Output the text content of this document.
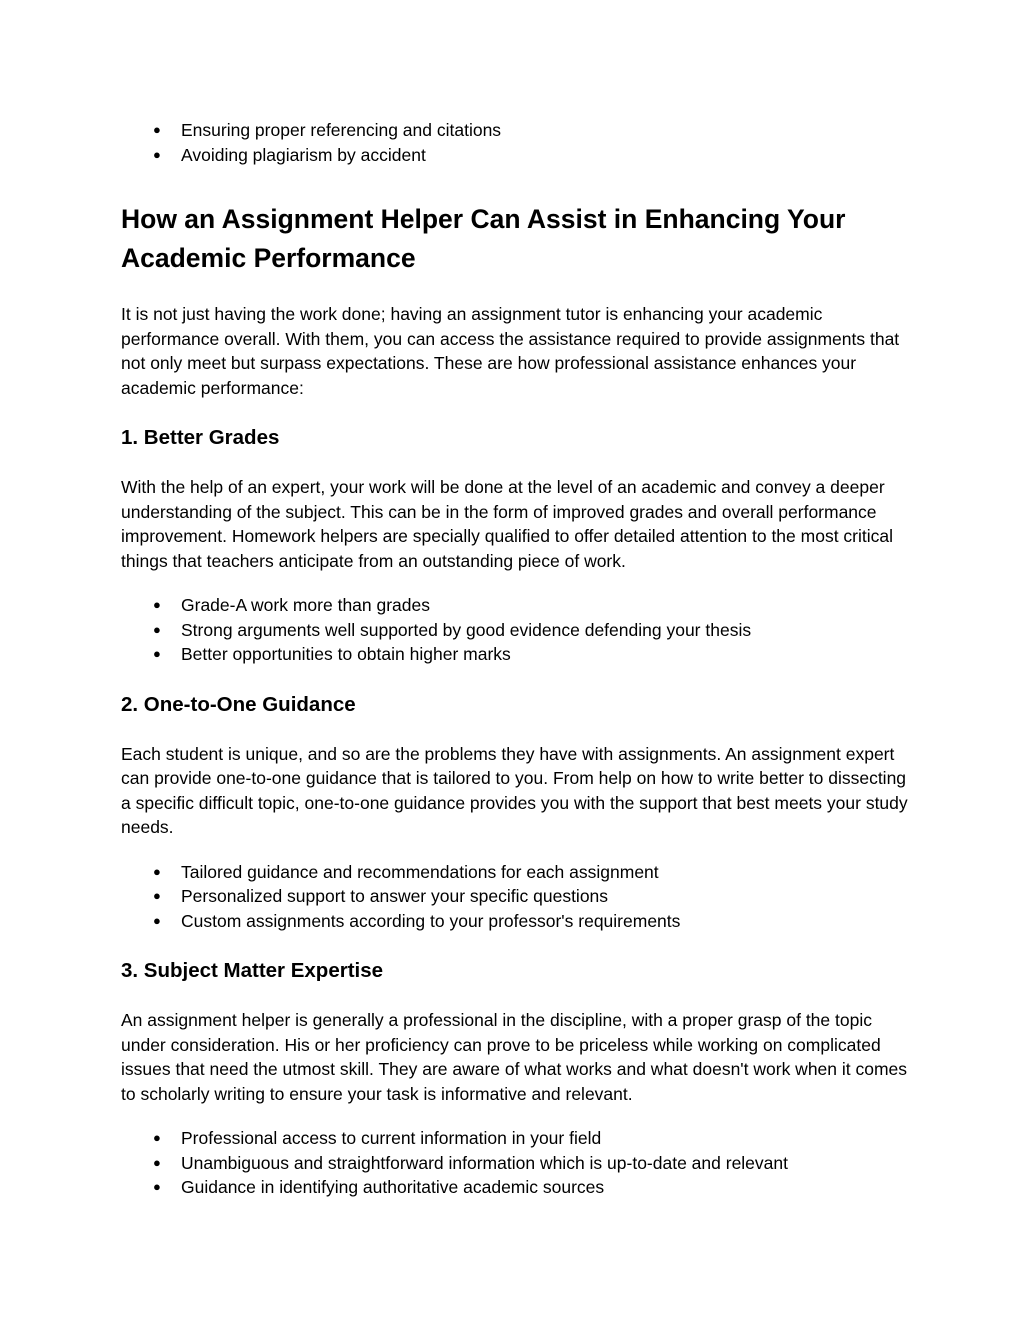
● Ensuring proper referencing and citations
● Avoiding plagiarism by accident
How an Assignment Helper Can Assist in Enhancing Your Academic Performance

It is not just having the work done; having an assignment tutor is enhancing your academic performance overall. With them, you can access the assistance required to provide assignments that not only meet but surpass expectations. These are how professional assistance enhances your academic performance:

1. Better Grades

With the help of an expert, your work will be done at the level of an academic and convey a deeper understanding of the subject. This can be in the form of improved grades and overall performance improvement. Homework helpers are specially qualified to offer detailed attention to the most critical things that teachers anticipate from an outstanding piece of work.

● Grade-A work more than grades
● Strong arguments well supported by good evidence defending your thesis
● Better opportunities to obtain higher marks
2. One-to-One Guidance

Each student is unique, and so are the problems they have with assignments. An assignment expert can provide one-to-one guidance that is tailored to you. From help on how to write better to dissecting a specific difficult topic, one-to-one guidance provides you with the support that best meets your study needs.

● Tailored guidance and recommendations for each assignment
● Personalized support to answer your specific questions
● Custom assignments according to your professor's requirements
3. Subject Matter Expertise

An assignment helper is generally a professional in the discipline, with a proper grasp of the topic under consideration. His or her proficiency can prove to be priceless while working on complicated issues that need the utmost skill. They are aware of what works and what doesn't work when it comes to scholarly writing to ensure your task is informative and relevant.

● Professional access to current information in your field
● Unambiguous and straightforward information which is up-to-date and relevant
● Guidance in identifying authoritative academic sources
